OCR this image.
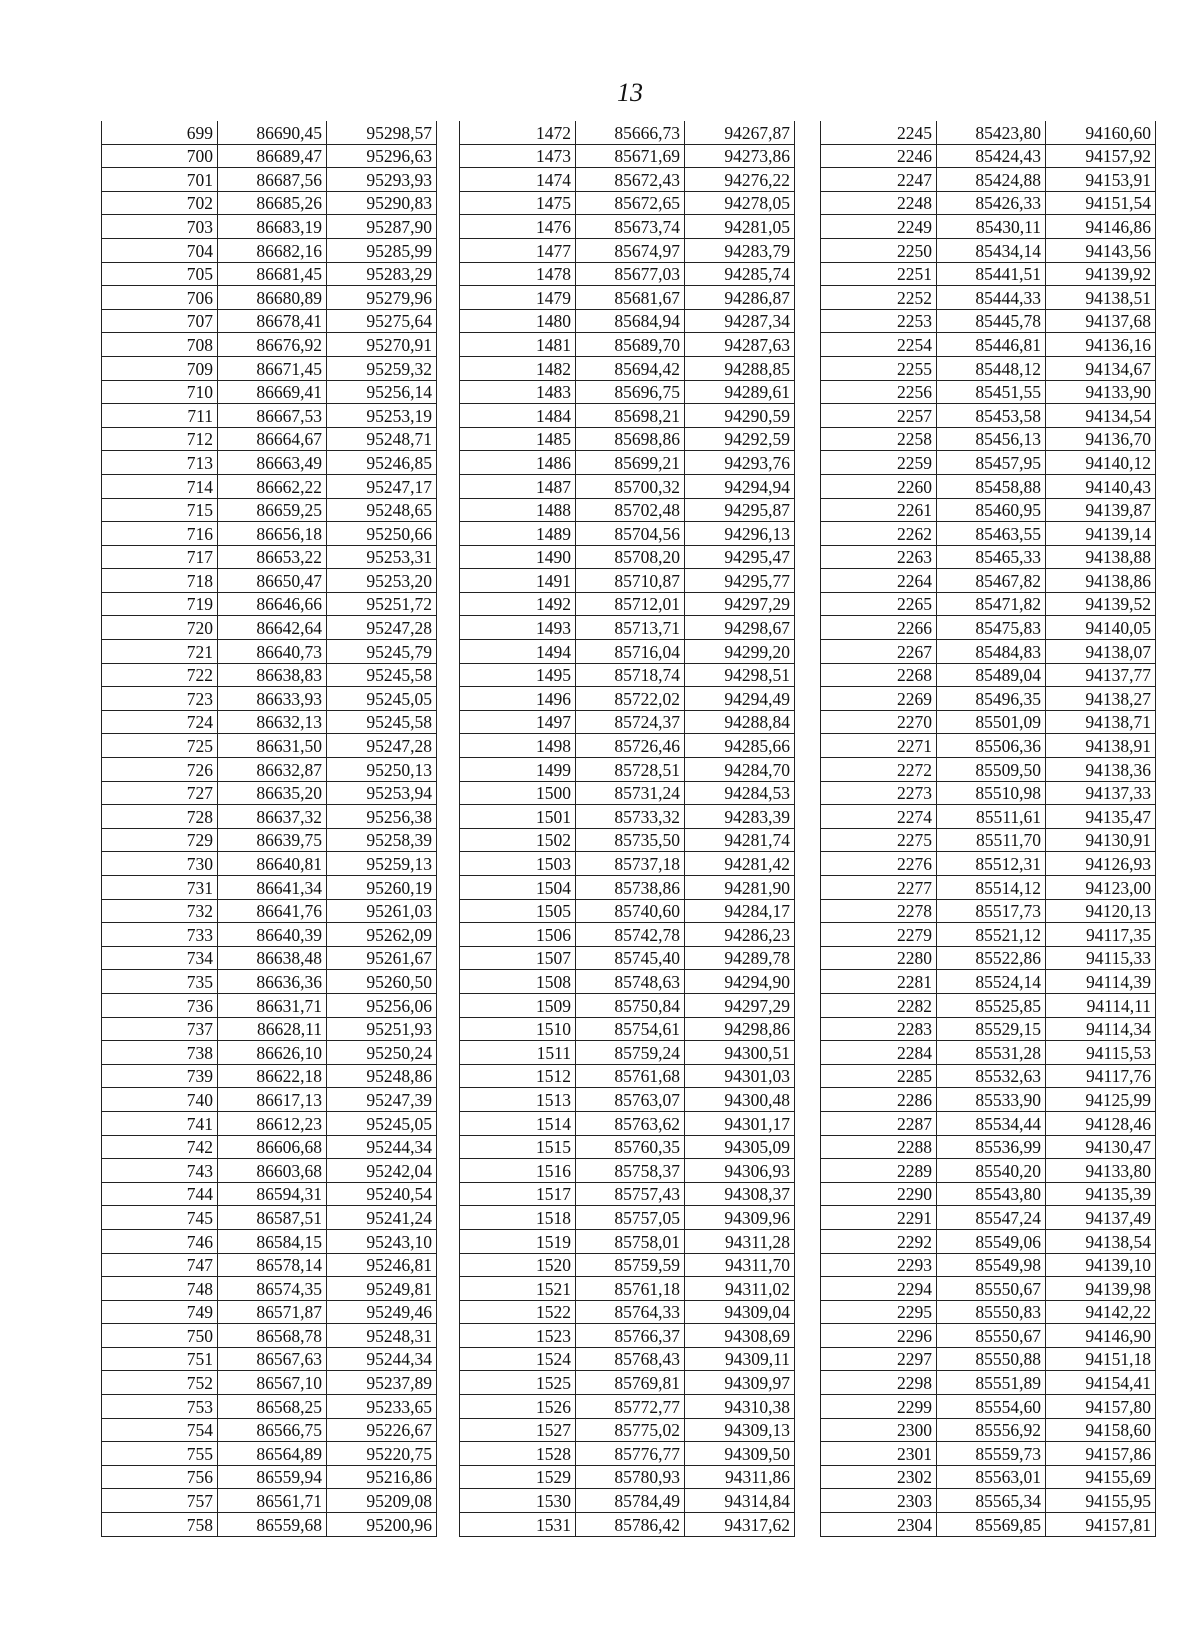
13
699	86690,45	95298,57
700	86689,47	95296,63
701	86687,56	95293,93
702	86685,26	95290,83
703	86683,19	95287,90
704	86682,16	95285,99
705	86681,45	95283,29
706	86680,89	95279,96
707	86678,41	95275,64
708	86676,92	95270,91
709	86671,45	95259,32
710	86669,41	95256,14
711	86667,53	95253,19
712	86664,67	95248,71
713	86663,49	95246,85
714	86662,22	95247,17
715	86659,25	95248,65
716	86656,18	95250,66
717	86653,22	95253,31
718	86650,47	95253,20
719	86646,66	95251,72
720	86642,64	95247,28
721	86640,73	95245,79
722	86638,83	95245,58
723	86633,93	95245,05
724	86632,13	95245,58
725	86631,50	95247,28
726	86632,87	95250,13
727	86635,20	95253,94
728	86637,32	95256,38
729	86639,75	95258,39
730	86640,81	95259,13
731	86641,34	95260,19
732	86641,76	95261,03
733	86640,39	95262,09
734	86638,48	95261,67
735	86636,36	95260,50
736	86631,71	95256,06
737	86628,11	95251,93
738	86626,10	95250,24
739	86622,18	95248,86
740	86617,13	95247,39
741	86612,23	95245,05
742	86606,68	95244,34
743	86603,68	95242,04
744	86594,31	95240,54
745	86587,51	95241,24
746	86584,15	95243,10
747	86578,14	95246,81
748	86574,35	95249,81
749	86571,87	95249,46
750	86568,78	95248,31
751	86567,63	95244,34
752	86567,10	95237,89
753	86568,25	95233,65
754	86566,75	95226,67
755	86564,89	95220,75
756	86559,94	95216,86
757	86561,71	95209,08
758	86559,68	95200,96
1472	85666,73	94267,87
1473	85671,69	94273,86
1474	85672,43	94276,22
1475	85672,65	94278,05
1476	85673,74	94281,05
1477	85674,97	94283,79
1478	85677,03	94285,74
1479	85681,67	94286,87
1480	85684,94	94287,34
1481	85689,70	94287,63
1482	85694,42	94288,85
1483	85696,75	94289,61
1484	85698,21	94290,59
1485	85698,86	94292,59
1486	85699,21	94293,76
1487	85700,32	94294,94
1488	85702,48	94295,87
1489	85704,56	94296,13
1490	85708,20	94295,47
1491	85710,87	94295,77
1492	85712,01	94297,29
1493	85713,71	94298,67
1494	85716,04	94299,20
1495	85718,74	94298,51
1496	85722,02	94294,49
1497	85724,37	94288,84
1498	85726,46	94285,66
1499	85728,51	94284,70
1500	85731,24	94284,53
1501	85733,32	94283,39
1502	85735,50	94281,74
1503	85737,18	94281,42
1504	85738,86	94281,90
1505	85740,60	94284,17
1506	85742,78	94286,23
1507	85745,40	94289,78
1508	85748,63	94294,90
1509	85750,84	94297,29
1510	85754,61	94298,86
1511	85759,24	94300,51
1512	85761,68	94301,03
1513	85763,07	94300,48
1514	85763,62	94301,17
1515	85760,35	94305,09
1516	85758,37	94306,93
1517	85757,43	94308,37
1518	85757,05	94309,96
1519	85758,01	94311,28
1520	85759,59	94311,70
1521	85761,18	94311,02
1522	85764,33	94309,04
1523	85766,37	94308,69
1524	85768,43	94309,11
1525	85769,81	94309,97
1526	85772,77	94310,38
1527	85775,02	94309,13
1528	85776,77	94309,50
1529	85780,93	94311,86
1530	85784,49	94314,84
1531	85786,42	94317,62
2245	85423,80	94160,60
2246	85424,43	94157,92
2247	85424,88	94153,91
2248	85426,33	94151,54
2249	85430,11	94146,86
2250	85434,14	94143,56
2251	85441,51	94139,92
2252	85444,33	94138,51
2253	85445,78	94137,68
2254	85446,81	94136,16
2255	85448,12	94134,67
2256	85451,55	94133,90
2257	85453,58	94134,54
2258	85456,13	94136,70
2259	85457,95	94140,12
2260	85458,88	94140,43
2261	85460,95	94139,87
2262	85463,55	94139,14
2263	85465,33	94138,88
2264	85467,82	94138,86
2265	85471,82	94139,52
2266	85475,83	94140,05
2267	85484,83	94138,07
2268	85489,04	94137,77
2269	85496,35	94138,27
2270	85501,09	94138,71
2271	85506,36	94138,91
2272	85509,50	94138,36
2273	85510,98	94137,33
2274	85511,61	94135,47
2275	85511,70	94130,91
2276	85512,31	94126,93
2277	85514,12	94123,00
2278	85517,73	94120,13
2279	85521,12	94117,35
2280	85522,86	94115,33
2281	85524,14	94114,39
2282	85525,85	94114,11
2283	85529,15	94114,34
2284	85531,28	94115,53
2285	85532,63	94117,76
2286	85533,90	94125,99
2287	85534,44	94128,46
2288	85536,99	94130,47
2289	85540,20	94133,80
2290	85543,80	94135,39
2291	85547,24	94137,49
2292	85549,06	94138,54
2293	85549,98	94139,10
2294	85550,67	94139,98
2295	85550,83	94142,22
2296	85550,67	94146,90
2297	85550,88	94151,18
2298	85551,89	94154,41
2299	85554,60	94157,80
2300	85556,92	94158,60
2301	85559,73	94157,86
2302	85563,01	94155,69
2303	85565,34	94155,95
2304	85569,85	94157,81
